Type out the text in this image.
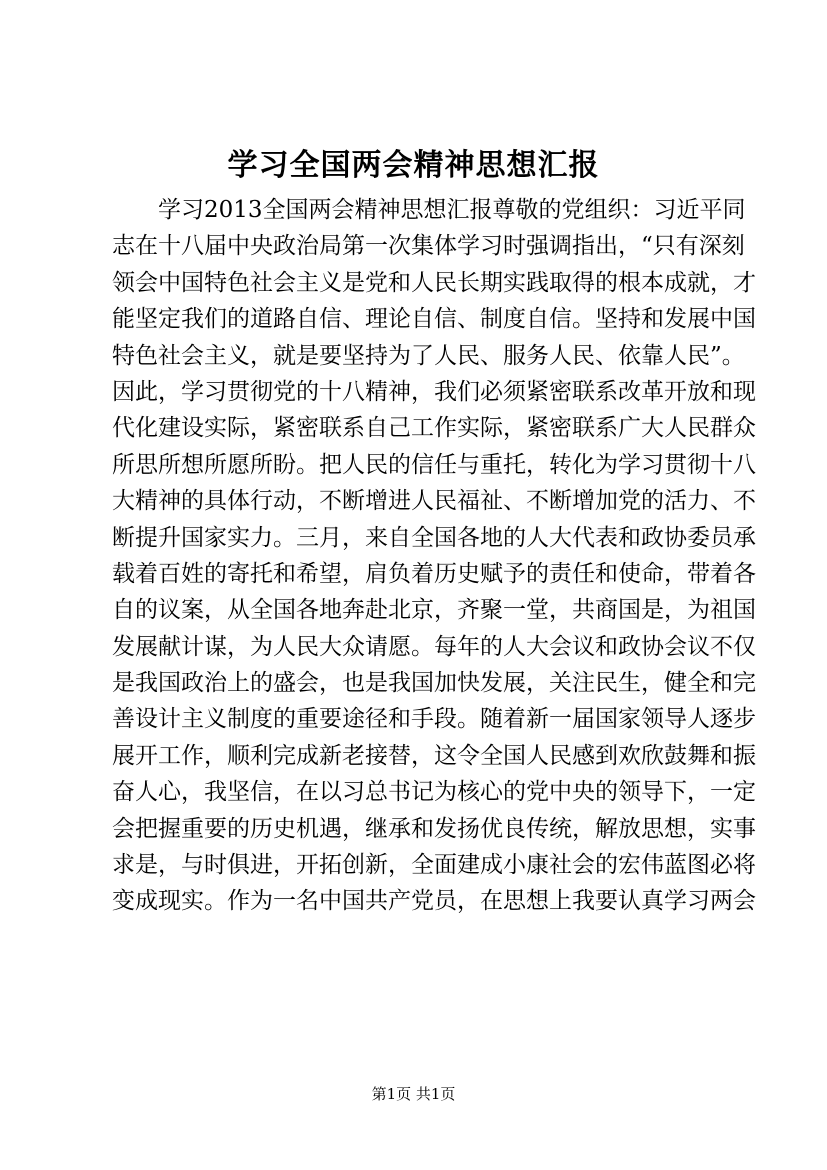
学习全国两会精神思想汇报
学习2013全国两会精神思想汇报尊敬的党组织：习近平同
志在十八届中央政治局第一次集体学习时强调指出，“只有深刻
领会中国特色社会主义是党和人民长期实践取得的根本成就，才
能坚定我们的道路自信、理论自信、制度自信。坚持和发展中国
特色社会主义，就是要坚持为了人民、服务人民、依靠人民”。
因此，学习贯彻党的十八精神，我们必须紧密联系改革开放和现
代化建设实际，紧密联系自己工作实际，紧密联系广大人民群众
所思所想所愿所盼。把人民的信任与重托，转化为学习贯彻十八
大精神的具体行动，不断增进人民福祉、不断增加党的活力、不
断提升国家实力。三月，来自全国各地的人大代表和政协委员承
载着百姓的寄托和希望，肩负着历史赋予的责任和使命，带着各
自的议案，从全国各地奔赴北京，齐聚一堂，共商国是，为祖国
发展献计谋，为人民大众请愿。每年的人大会议和政协会议不仅
是我国政治上的盛会，也是我国加快发展，关注民生，健全和完
善设计主义制度的重要途径和手段。随着新一届国家领导人逐步
展开工作，顺利完成新老接替，这令全国人民感到欢欣鼓舞和振
奋人心，我坚信，在以习总书记为核心的党中央的领导下，一定
会把握重要的历史机遇，继承和发扬优良传统，解放思想，实事
求是，与时俱进，开拓创新，全面建成小康社会的宏伟蓝图必将
变成现实。作为一名中国共产党员，在思想上我要认真学习两会
第1页 共1页
